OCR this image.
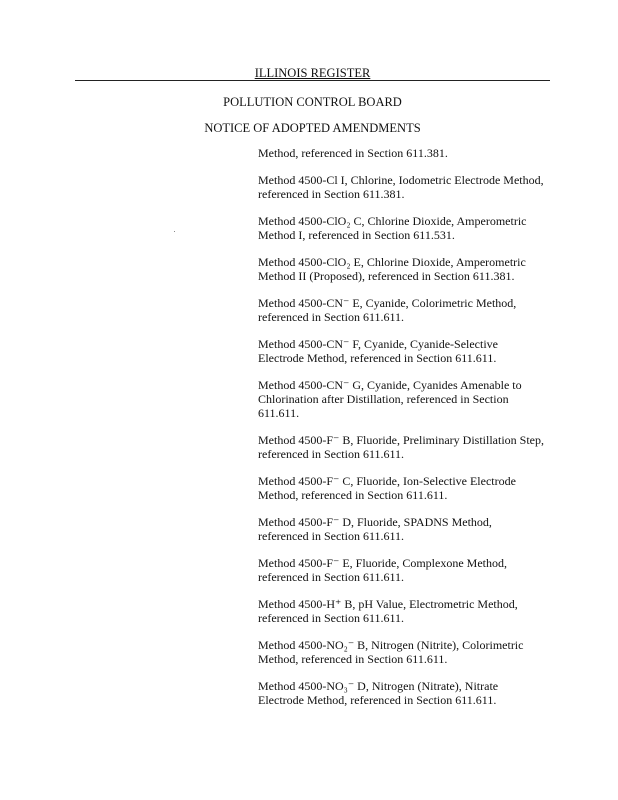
ILLINOIS REGISTER
POLLUTION CONTROL BOARD
NOTICE OF ADOPTED AMENDMENTS
Method, referenced in Section 611.381.
Method 4500-Cl I, Chlorine, Iodometric Electrode Method,
referenced in Section 611.381.
Method 4500-ClO₂ C, Chlorine Dioxide, Amperometric
Method I, referenced in Section 611.531.
Method 4500-ClO₂ E, Chlorine Dioxide, Amperometric
Method II (Proposed), referenced in Section 611.381.
Method 4500-CN⁻ E, Cyanide, Colorimetric Method,
referenced in Section 611.611.
Method 4500-CN⁻ F, Cyanide, Cyanide-Selective
Electrode Method, referenced in Section 611.611.
Method 4500-CN⁻ G, Cyanide, Cyanides Amenable to
Chlorination after Distillation, referenced in Section
611.611.
Method 4500-F⁻ B, Fluoride, Preliminary Distillation Step,
referenced in Section 611.611.
Method 4500-F⁻ C, Fluoride, Ion-Selective Electrode
Method, referenced in Section 611.611.
Method 4500-F⁻ D, Fluoride, SPADNS Method,
referenced in Section 611.611.
Method 4500-F⁻ E, Fluoride, Complexone Method,
referenced in Section 611.611.
Method 4500-H⁺ B, pH Value, Electrometric Method,
referenced in Section 611.611.
Method 4500-NO₂⁻ B, Nitrogen (Nitrite), Colorimetric
Method, referenced in Section 611.611.
Method 4500-NO₃⁻ D, Nitrogen (Nitrate), Nitrate
Electrode Method, referenced in Section 611.611.
